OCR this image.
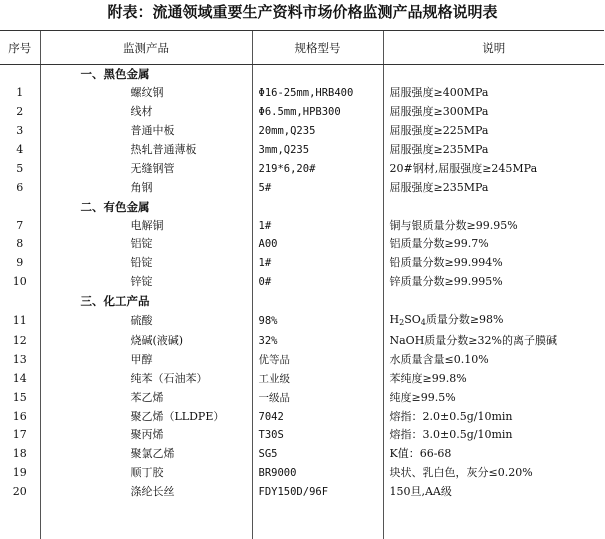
附表：流通领域重要生产资料市场价格监测产品规格说明表
序号	监测产品	规格型号	说明
	一、黑色金属		
1	螺纹钢	Φ16-25mm,HRB400	屈服强度≥400MPa
2	线材	Φ6.5mm,HPB300	屈服强度≥300MPa
3	普通中板	20mm,Q235	屈服强度≥225MPa
4	热轧普通薄板	3mm,Q235	屈服强度≥235MPa
5	无缝钢管	219*6,20#	20#钢材,屈服强度≥245MPa
6	角钢	5#	屈服强度≥235MPa
	二、有色金属		
7	电解铜	1#	铜与银质量分数≥99.95%
8	铝锭	A00	铝质量分数≥99.7%
9	铅锭	1#	铅质量分数≥99.994%
10	锌锭	0#	锌质量分数≥99.995%
	三、化工产品		
11	硫酸	98%	$H_2SO_4$质量分数≥98%
12	烧碱(液碱)	32%	NaOH质量分数≥32%的离子膜碱
13	甲醇	优等品	水质量含量≤0.10%
14	纯苯（石油苯）	工业级	苯纯度≥99.8%
15	苯乙烯	一级品	纯度≥99.5%
16	聚乙烯（LLDPE）	7042	熔指：2.0±0.5g/10min
17	聚丙烯	T30S	熔指：3.0±0.5g/10min
18	聚氯乙烯	SG5	K值：66-68
19	顺丁胶	BR9000	块状、乳白色，灰分≤0.20%
20	涤纶长丝	FDY150D/96F	150旦,AA级
